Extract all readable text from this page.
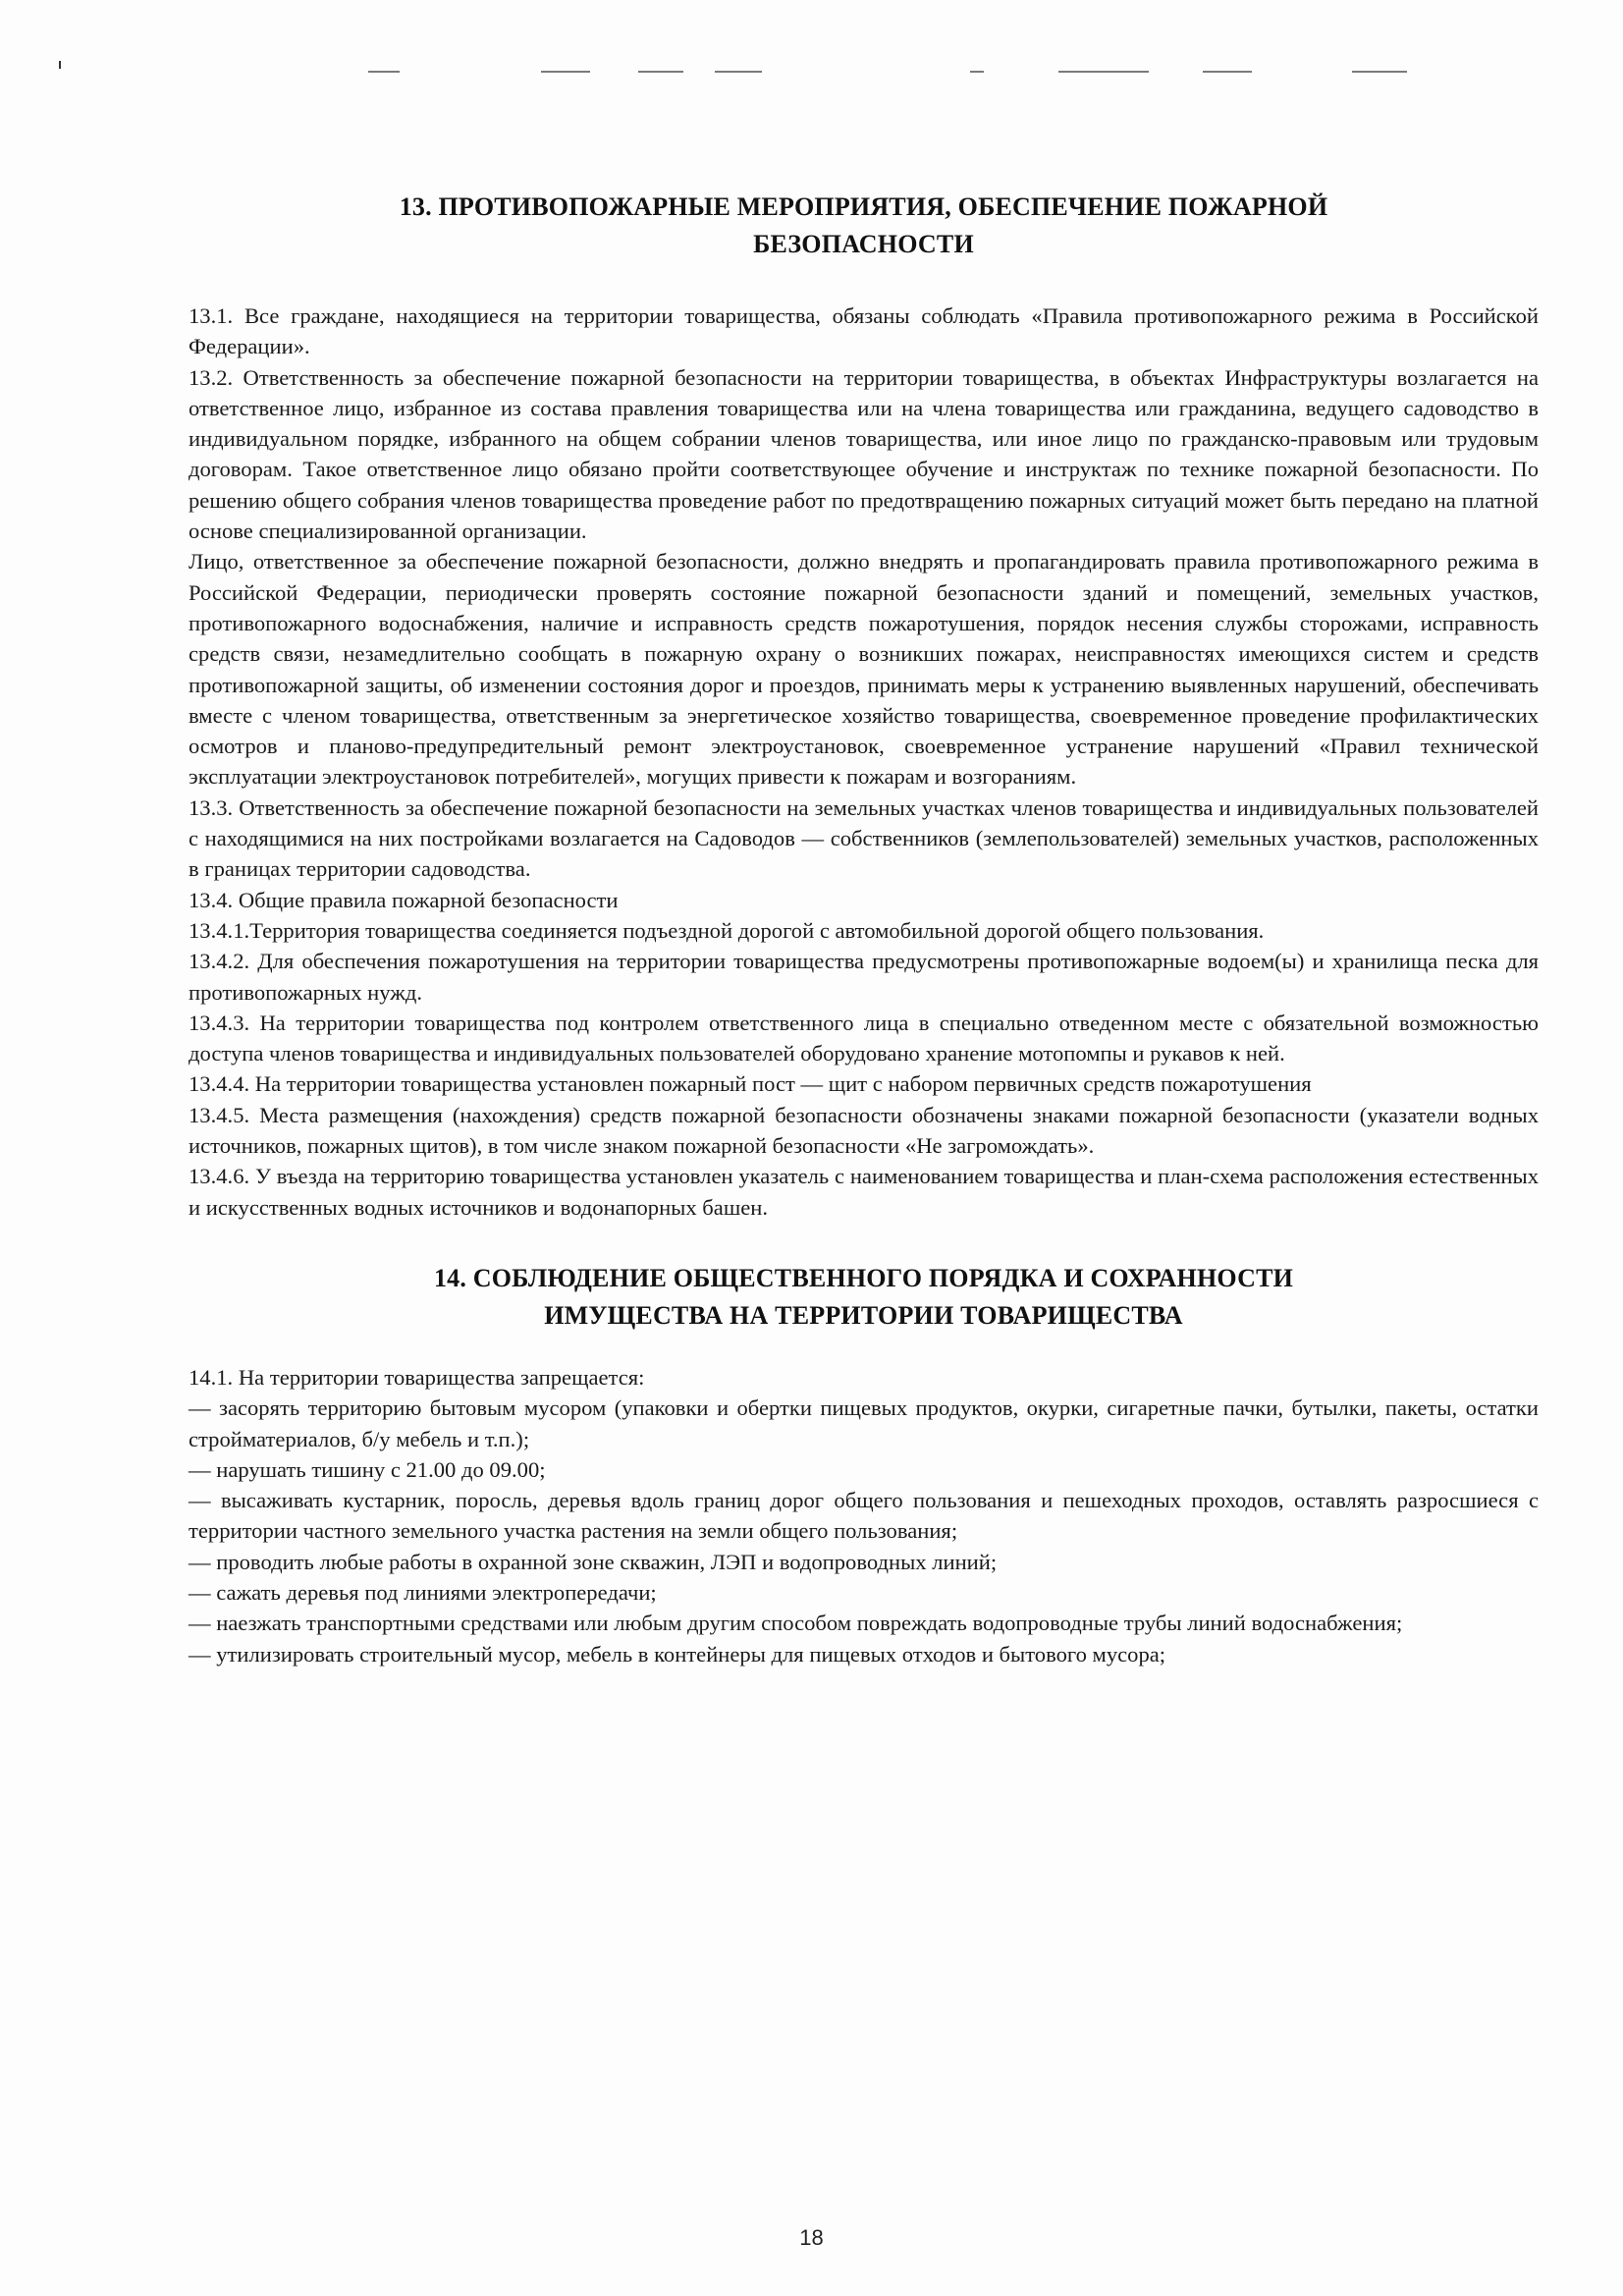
13. ПРОТИВОПОЖАРНЫЕ МЕРОПРИЯТИЯ, ОБЕСПЕЧЕНИЕ ПОЖАРНОЙ
БЕЗОПАСНОСТИ

13.1. Все граждане, находящиеся на территории товарищества, обязаны соблюдать «Правила противопожарного режима в Российской Федерации».

13.2. Ответственность за обеспечение пожарной безопасности на территории товарищества, в объектах Инфраструктуры возлагается на ответственное лицо, избранное из состава правления товарищества или на члена товарищества или гражданина, ведущего садоводство в индивидуальном порядке, избранного на общем собрании членов товарищества, или иное лицо по гражданско-правовым или трудовым договорам. Такое ответственное лицо обязано пройти соответствующее обучение и инструктаж по технике пожарной безопасности. По решению общего собрания членов товарищества проведение работ по предотвращению пожарных ситуаций может быть передано на платной основе специализированной организации.

Лицо, ответственное за обеспечение пожарной безопасности, должно внедрять и пропагандировать правила противопожарного режима в Российской Федерации, периодически проверять состояние пожарной безопасности зданий и помещений, земельных участков, противопожарного водоснабжения, наличие и исправность средств пожаротушения, порядок несения службы сторожами, исправность средств связи, незамедлительно сообщать в пожарную охрану о возникших пожарах, неисправностях имеющихся систем и средств противопожарной защиты, об изменении состояния дорог и проездов, принимать меры к устранению выявленных нарушений, обеспечивать вместе с членом товарищества, ответственным за энергетическое хозяйство товарищества, своевременное проведение профилактических осмотров и планово-предупредительный ремонт электроустановок, своевременное устранение нарушений «Правил технической эксплуатации электроустановок потребителей», могущих привести к пожарам и возгораниям.

13.3. Ответственность за обеспечение пожарной безопасности на земельных участках членов товарищества и индивидуальных пользователей с находящимися на них постройками возлагается на Садоводов — собственников (землепользователей) земельных участков, расположенных в границах территории садоводства.

13.4. Общие правила пожарной безопасности

13.4.1.Территория товарищества соединяется подъездной дорогой с автомобильной дорогой общего пользования.

13.4.2. Для обеспечения пожаротушения на территории товарищества предусмотрены противопожарные водоем(ы) и хранилища песка для противопожарных нужд.

13.4.3. На территории товарищества под контролем ответственного лица в специально отведенном месте с обязательной возможностью доступа членов товарищества и индивидуальных пользователей оборудовано хранение мотопомпы и рукавов к ней.

13.4.4. На территории товарищества установлен пожарный пост — щит с набором первичных средств пожаротушения

13.4.5. Места размещения (нахождения) средств пожарной безопасности обозначены знаками пожарной безопасности (указатели водных источников, пожарных щитов), в том числе знаком пожарной безопасности «Не загромождать».

13.4.6. У въезда на территорию товарищества установлен указатель с наименованием товарищества и план-схема расположения естественных и искусственных водных источников и водонапорных башен.

14. СОБЛЮДЕНИЕ ОБЩЕСТВЕННОГО ПОРЯДКА И СОХРАННОСТИ
ИМУЩЕСТВА НА ТЕРРИТОРИИ ТОВАРИЩЕСТВА

14.1. На территории товарищества запрещается:

— засорять территорию бытовым мусором (упаковки и обертки пищевых продуктов, окурки, сигаретные пачки, бутылки, пакеты, остатки стройматериалов, б/у мебель и т.п.);

— нарушать тишину с 21.00 до 09.00;

— высаживать кустарник, поросль, деревья вдоль границ дорог общего пользования и пешеходных проходов, оставлять разросшиеся с территории частного земельного участка растения на земли общего пользования;

— проводить любые работы в охранной зоне скважин, ЛЭП и водопроводных линий;

— сажать деревья под линиями электропередачи;

— наезжать транспортными средствами или любым другим способом повреждать водопроводные трубы линий водоснабжения;

— утилизировать строительный мусор, мебель в контейнеры для пищевых отходов и бытового мусора;

18
